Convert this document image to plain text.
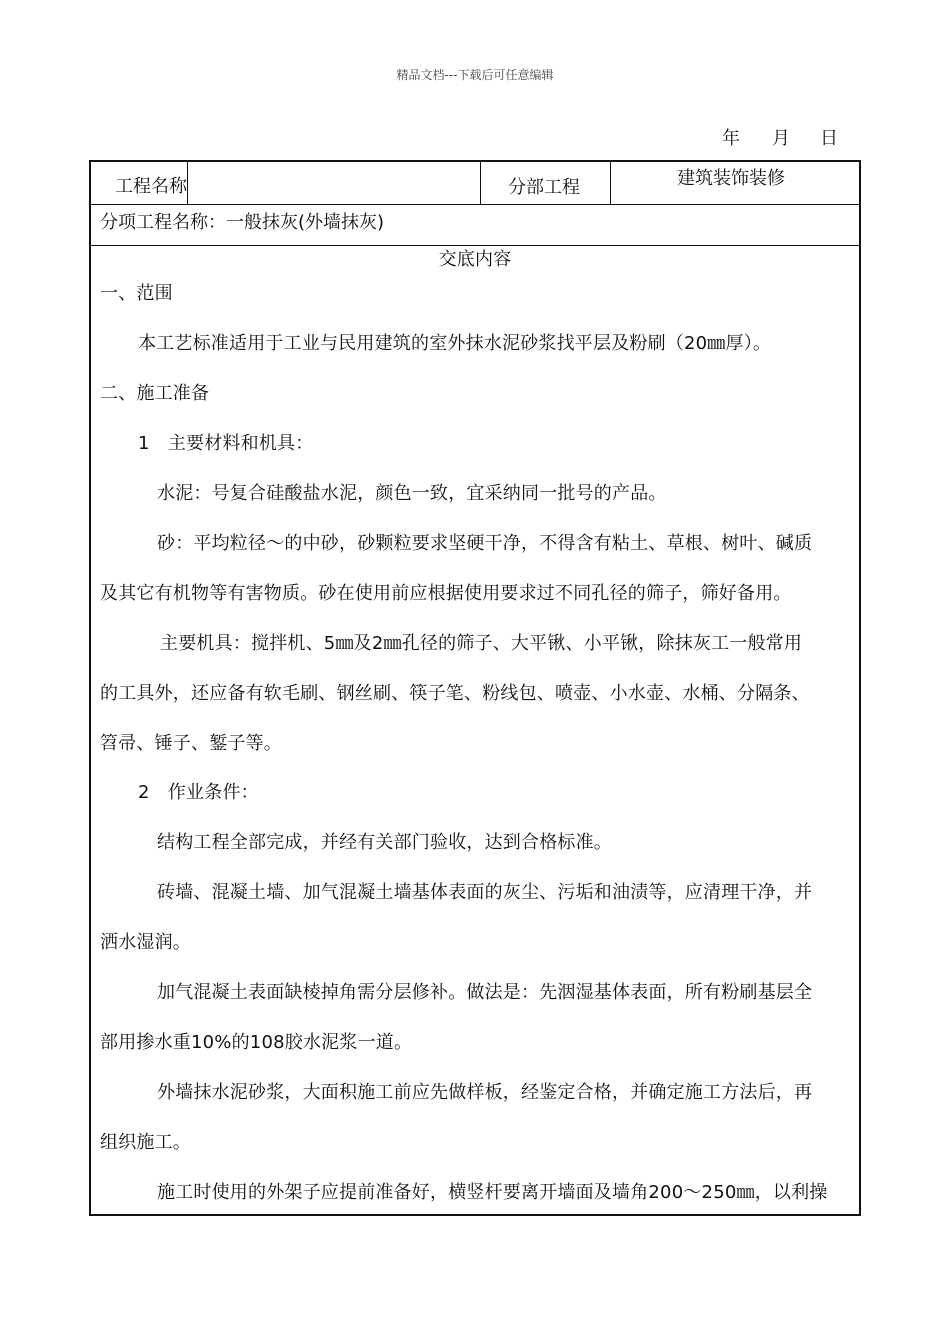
精品文档---下载后可任意编辑
年 月 日
工程名称	分部工程	建筑装饰装修
分项工程名称：一般抹灰(外墙抹灰)
交底内容
一、范围
本工艺标准适用于工业与民用建筑的室外抹水泥砂浆找平层及粉刷（20㎜厚）。
二、施工准备
1　主要材料和机具：
水泥：号复合硅酸盐水泥，颜色一致，宜采纳同一批号的产品。
砂：平均粒径～的中砂，砂颗粒要求坚硬干净，不得含有粘土、草根、树叶、碱质
及其它有机物等有害物质。砂在使用前应根据使用要求过不同孔径的筛子，筛好备用。
主要机具：搅拌机、5㎜及2㎜孔径的筛子、大平锹、小平锹，除抹灰工一般常用
的工具外，还应备有软毛刷、钢丝刷、筷子笔、粉线包、喷壶、小水壶、水桶、分隔条、
笤帚、锤子、錾子等。
2　作业条件：
结构工程全部完成，并经有关部门验收，达到合格标准。
砖墙、混凝土墙、加气混凝土墙基体表面的灰尘、污垢和油渍等，应清理干净，并
洒水湿润。
加气混凝土表面缺棱掉角需分层修补。做法是：先洇湿基体表面，所有粉刷基层全
部用掺水重10%的108胶水泥浆一道。
外墙抹水泥砂浆，大面积施工前应先做样板，经鉴定合格，并确定施工方法后，再
组织施工。
施工时使用的外架子应提前准备好，横竖杆要离开墙面及墙角200～250㎜，以利操
